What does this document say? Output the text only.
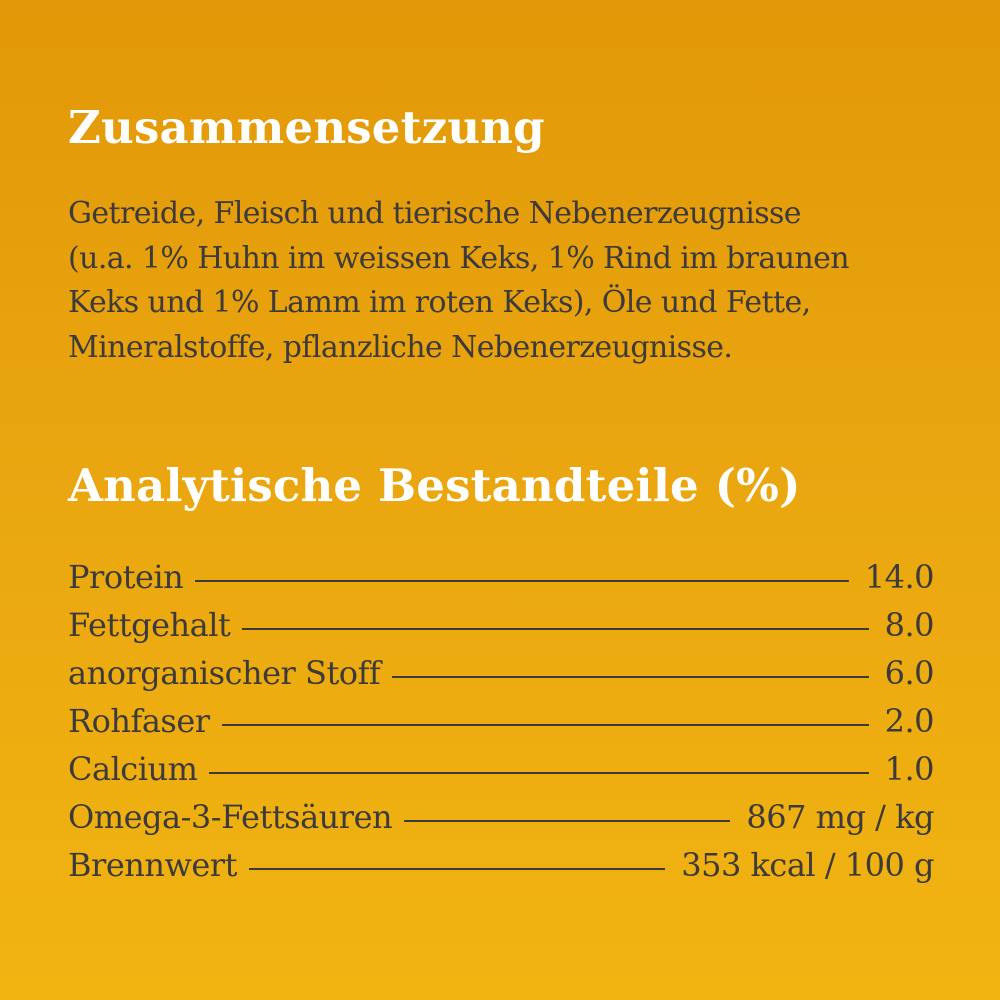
Zusammensetzung

Getreide, Fleisch und tierische Nebenerzeugnisse
(u.a. 1% Huhn im weissen Keks, 1% Rind im braunen
Keks und 1% Lamm im roten Keks), Öle und Fette,
Mineralstoffe, pflanzliche Nebenerzeugnisse.

Analytische Bestandteile (%)
Protein	14.0
Fettgehalt	8.0
anorganischer Stoff	6.0
Rohfaser	2.0
Calcium	1.0
Omega-3-Fettsäuren	867 mg / kg
Brennwert	353 kcal / 100 g
